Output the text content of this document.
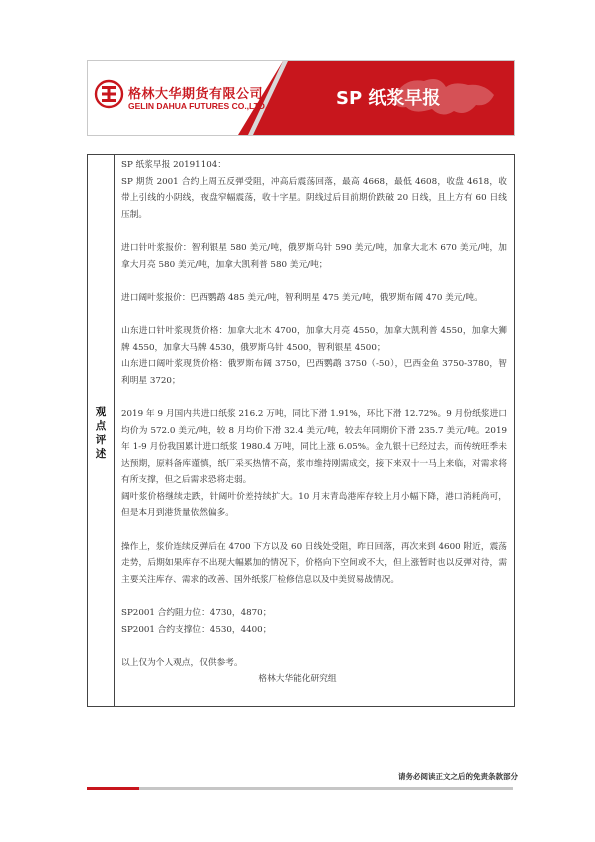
格林大华期货有限公司
GELIN DAHUA FUTURES CO.,LTD.	SP 纸浆早报
观点评述

SP 纸浆早报 20191104：

SP 期货 2001 合约上周五反弹受阻，冲高后震荡回落，最高 4668，最低 4608，收盘 4618，收带上引线的小阴线，夜盘窄幅震荡，收十字星。阴线过后目前期价跌破 20 日线，且上方有 60 日线压制。

进口针叶浆报价：智利银星 580 美元/吨，俄罗斯乌针 590 美元/吨，加拿大北木 670 美元/吨，加拿大月亮 580 美元/吨，加拿大凯利普 580 美元/吨；

进口阔叶浆报价：巴西鹦鹉 485 美元/吨，智利明星 475 美元/吨，俄罗斯布阔 470 美元/吨。

山东进口针叶浆现货价格：加拿大北木 4700，加拿大月亮 4550，加拿大凯利普 4550，加拿大狮牌 4550，加拿大马牌 4530，俄罗斯乌针 4500，智利银星 4500；

山东进口阔叶浆现货价格：俄罗斯布阔 3750，巴西鹦鹉 3750（-50），巴西金鱼 3750-3780，智利明星 3720；

2019 年 9 月国内共进口纸浆 216.2 万吨，同比下滑 1.91%，环比下滑 12.72%。9 月份纸浆进口均价为 572.0 美元/吨，较 8 月均价下滑 32.4 美元/吨，较去年同期价下滑 235.7 美元/吨。2019 年 1-9 月份我国累计进口纸浆 1980.4 万吨，同比上涨 6.05%。金九银十已经过去，而传统旺季未达预期，原料备库谨慎，纸厂采买热情不高，浆市维持刚需成交，接下来双十一马上来临，对需求将有所支撑，但之后需求恐将走弱。

阔叶浆价格继续走跌，针阔叶价差持续扩大。10 月末青岛港库存较上月小幅下降，港口消耗尚可，但是本月到港货量依然偏多。

操作上，浆价连续反弹后在 4700 下方以及 60 日线处受阻，昨日回落，再次来到 4600 附近，震荡走势，后期如果库存不出现大幅累加的情况下，价格向下空间或不大，但上涨暂时也以反弹对待，需主要关注库存、需求的改善、国外纸浆厂检修信息以及中美贸易战情况。

SP2001 合约阻力位：4730，4870；

SP2001 合约支撑位：4530，4400；

以上仅为个人观点，仅供参考。

格林大华能化研究组
请务必阅读正文之后的免责条款部分
